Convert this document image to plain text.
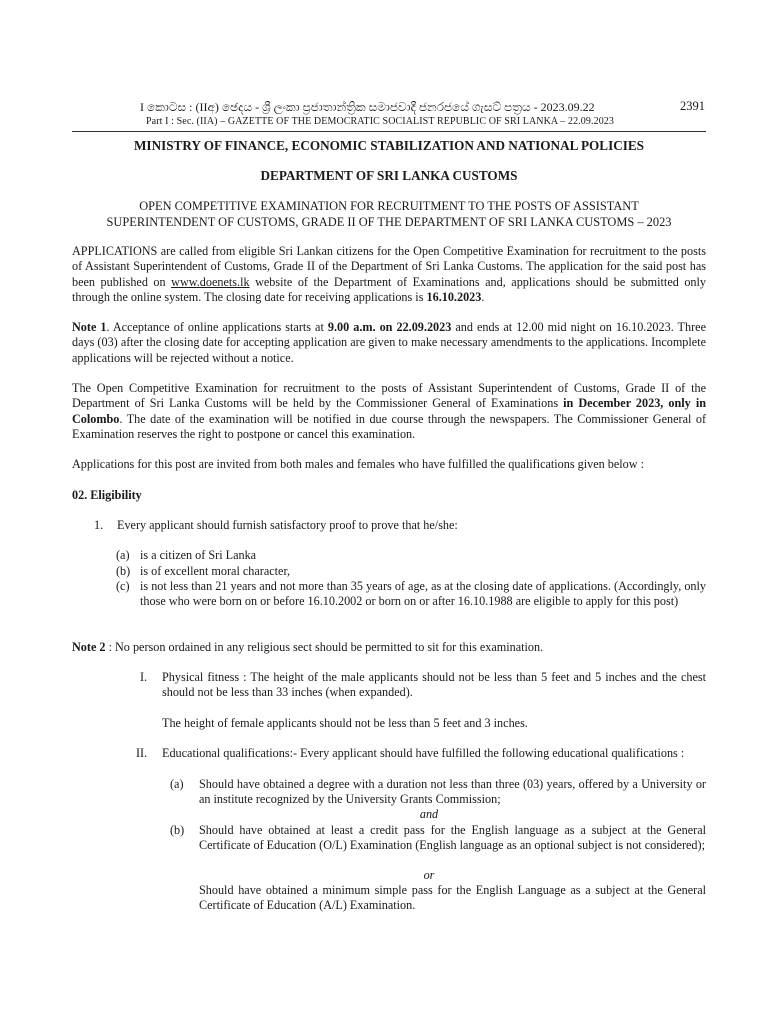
I කොටස : (IIඅ) ඡෙදය - ශ්‍රී ලංකා ප්‍රජාතාන්ත්‍රික සමාජවාදී ජනරජයේ ගැසට් පත්‍රය - 2023.09.22	2391
Part I : Sec. (IIA) – GAZETTE OF THE DEMOCRATIC SOCIALIST REPUBLIC OF SRI LANKA – 22.09.2023
MINISTRY OF FINANCE, ECONOMIC STABILIZATION AND NATIONAL POLICIES
DEPARTMENT OF SRI LANKA CUSTOMS
OPEN COMPETITIVE EXAMINATION FOR RECRUITMENT TO THE POSTS OF ASSISTANT
SUPERINTENDENT OF CUSTOMS, GRADE II OF THE DEPARTMENT OF SRI LANKA CUSTOMS – 2023

APPLICATIONS are called from eligible Sri Lankan citizens for the Open Competitive Examination for recruitment to the posts of Assistant Superintendent of Customs, Grade II of the Department of Sri Lanka Customs. The application for the said post has been published on www.doenets.lk website of the Department of Examinations and, applications should be submitted only through the online system. The closing date for receiving applications is 16.10.2023.

Note 1. Acceptance of online applications starts at 9.00 a.m. on 22.09.2023 and ends at 12.00 mid night on 16.10.2023. Three days (03) after the closing date for accepting application are given to make necessary amendments to the applications. Incomplete applications will be rejected without a notice.

The Open Competitive Examination for recruitment to the posts of Assistant Superintendent of Customs, Grade II of the Department of Sri Lanka Customs will be held by the Commissioner General of Examinations in December 2023, only in Colombo. The date of the examination will be notified in due course through the newspapers. The Commissioner General of Examination reserves the right to postpone or cancel this examination.

Applications for this post are invited from both males and females who have fulfilled the qualifications given below :

02. Eligibility
1. Every applicant should furnish satisfactory proof to prove that he/she:
(a) is a citizen of Sri Lanka
(b) is of excellent moral character,
(c) is not less than 21 years and not more than 35 years of age, as at the closing date of applications. (Accordingly, only those who were born on or before 16.10.2002 or born on or after 16.10.1988 are eligible to apply for this post)

Note 2 : No person ordained in any religious sect should be permitted to sit for this examination.

I. Physical fitness : The height of the male applicants should not be less than 5 feet and 5 inches and the chest should not be less than 33 inches (when expanded).
The height of female applicants should not be less than 5 feet and 3 inches.
II. Educational qualifications:- Every applicant should have fulfilled the following educational qualifications :
(a) Should have obtained a degree with a duration not less than three (03) years, offered by a University or an institute recognized by the University Grants Commission;
and
(b) Should have obtained at least a credit pass for the English language as a subject at the General Certificate of Education (O/L) Examination (English language as an optional subject is not considered);
or
Should have obtained a minimum simple pass for the English Language as a subject at the General Certificate of Education (A/L) Examination.
